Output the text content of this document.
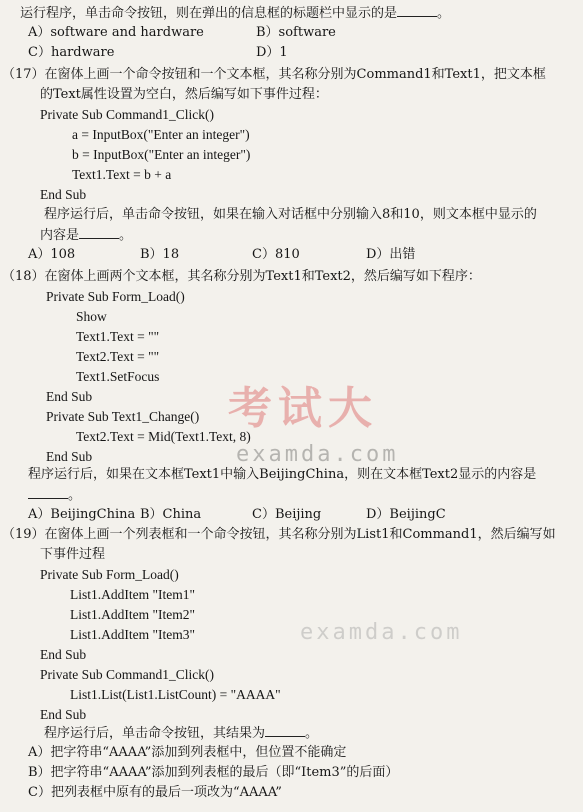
运行程序，单击命令按钮，则在弹出的信息框的标题栏中显示的是	。
A）software and hardware	B）software
C）hardware	D）1
（17）在窗体上画一个命令按钮和一个文本框，其名称分别为Command1和Text1，把文本框
的Text属性设置为空白，然后编写如下事件过程：
Private Sub Command1_Click()
a = InputBox("Enter an integer")
b = InputBox("Enter an integer")
Text1.Text = b + a
End Sub
程序运行后，单击命令按钮，如果在输入对话框中分别输入8和10，则文本框中显示的
内容是	。
A）108	B）18	C）810	D）出错
（18）在窗体上画两个文本框，其名称分别为Text1和Text2，然后编写如下程序：
Private Sub Form_Load()
Show
Text1.Text = ""
Text2.Text = ""
Text1.SetFocus
End Sub
Private Sub Text1_Change()
Text2.Text = Mid(Text1.Text, 8)
End Sub
程序运行后，如果在文本框Text1中输入BeijingChina，则在文本框Text2显示的内容是
。
A）BeijingChina B）China	C）Beijing	D）BeijingC
（19）在窗体上画一个列表框和一个命令按钮，其名称分别为List1和Command1，然后编写如
下事件过程
Private Sub Form_Load()
List1.AddItem "Item1"
List1.AddItem "Item2"
List1.AddItem "Item3"
End Sub
Private Sub Command1_Click()
List1.List(List1.ListCount) = "AAAA"
End Sub
程序运行后，单击命令按钮，其结果为	。
A）把字符串“AAAA”添加到列表框中，但位置不能确定
B）把字符串“AAAA”添加到列表框的最后（即“Item3”的后面）
C）把列表框中原有的最后一项改为“AAAA”
考试大
examda.com
examda.com
